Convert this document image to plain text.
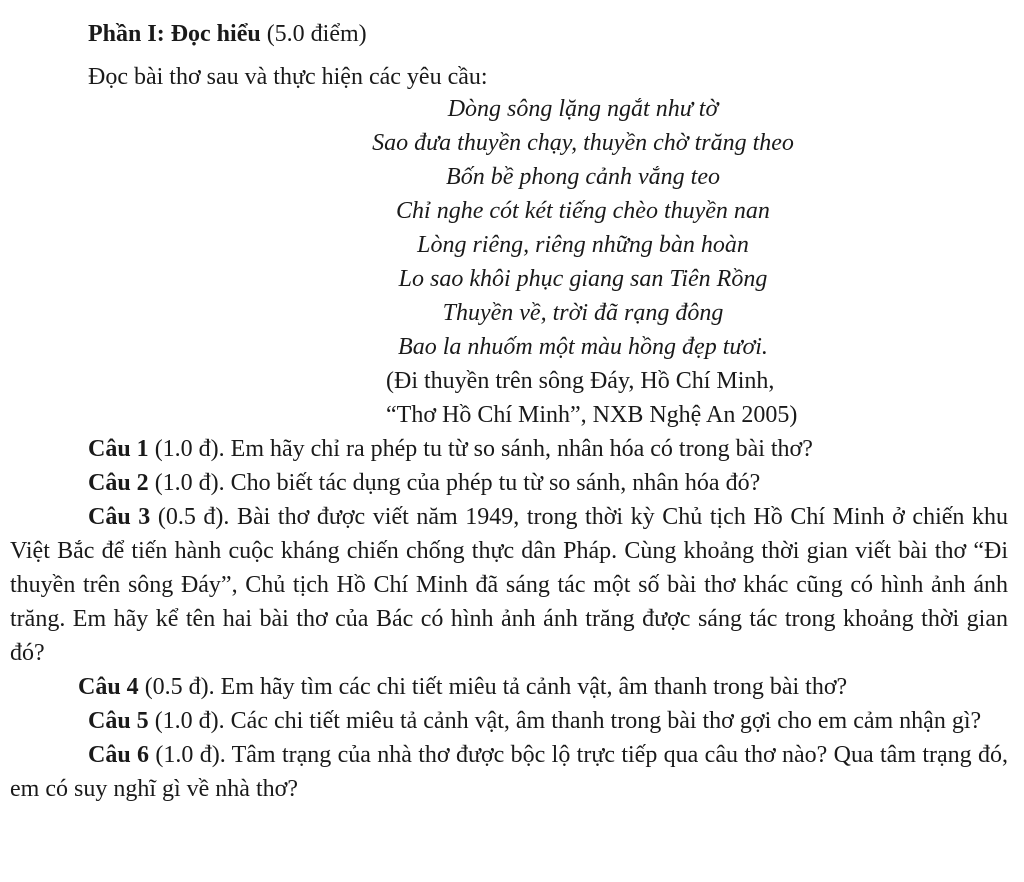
Phần I: Đọc hiểu (5.0 điểm)

Đọc bài thơ sau và thực hiện các yêu cầu:

Dòng sông lặng ngắt như tờ
Sao đưa thuyền chạy, thuyền chờ trăng theo
Bốn bề phong cảnh vắng teo
Chỉ nghe cót két tiếng chèo thuyền nan
Lòng riêng, riêng những bàn hoàn
Lo sao khôi phục giang san Tiên Rồng
Thuyền về, trời đã rạng đông
Bao la nhuốm một màu hồng đẹp tươi.
(Đi thuyền trên sông Đáy, Hồ Chí Minh,
“Thơ Hồ Chí Minh”, NXB Nghệ An 2005)

Câu 1 (1.0 đ). Em hãy chỉ ra phép tu từ so sánh, nhân hóa có trong bài thơ?

Câu 2 (1.0 đ). Cho biết tác dụng của phép tu từ so sánh, nhân hóa đó?

Câu 3 (0.5 đ). Bài thơ được viết năm 1949, trong thời kỳ Chủ tịch Hồ Chí Minh ở chiến khu Việt Bắc để tiến hành cuộc kháng chiến chống thực dân Pháp. Cùng khoảng thời gian viết bài thơ “Đi thuyền trên sông Đáy”, Chủ tịch Hồ Chí Minh đã sáng tác một số bài thơ khác cũng có hình ảnh ánh trăng. Em hãy kể tên hai bài thơ của Bác có hình ảnh ánh trăng được sáng tác trong khoảng thời gian đó?

Câu 4 (0.5 đ). Em hãy tìm các chi tiết miêu tả cảnh vật, âm thanh trong bài thơ?

Câu 5 (1.0 đ). Các chi tiết miêu tả cảnh vật, âm thanh trong bài thơ gợi cho em cảm nhận gì?

Câu 6 (1.0 đ). Tâm trạng của nhà thơ được bộc lộ trực tiếp qua câu thơ nào? Qua tâm trạng đó, em có suy nghĩ gì về nhà thơ?
